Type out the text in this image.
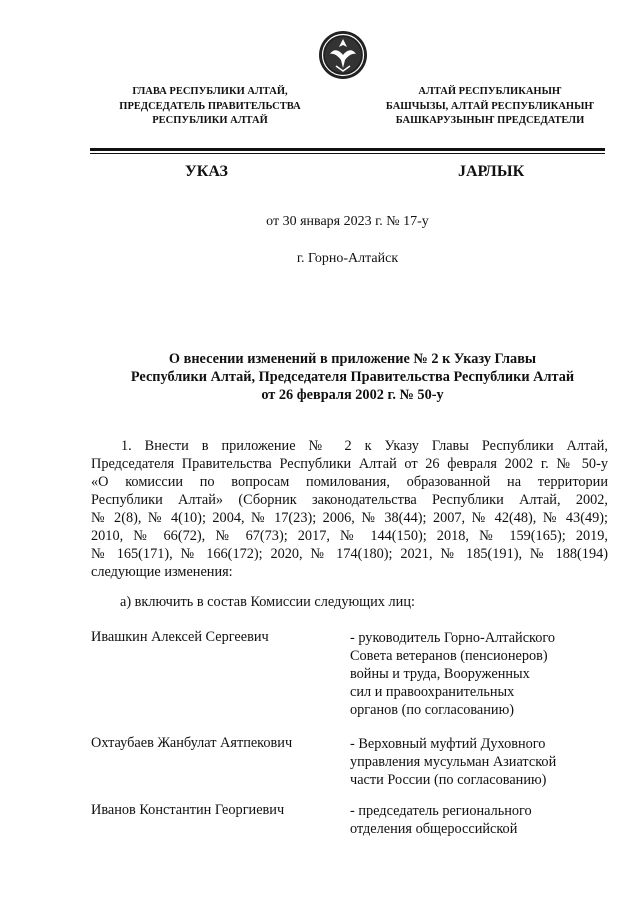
ГЛАВА РЕСПУБЛИКИ АЛТАЙ,
ПРЕДСЕДАТЕЛЬ ПРАВИТЕЛЬСТВА
РЕСПУБЛИКИ АЛТАЙ
АЛТАЙ РЕСПУБЛИКАНЫҤ
БАШЧЫЗЫ, АЛТАЙ РЕСПУБЛИКАНЫҤ
БАШКАРУЗЫНЫҤ ПРЕДСЕДАТЕЛИ
УКАЗ	JАРЛЫК
от 30 января 2023 г. № 17-у
г. Горно-Алтайск
О внесении изменений в приложение № 2 к Указу Главы
Республики Алтай, Председателя Правительства Республики Алтай
от 26 февраля 2002 г. № 50-у
1. Внести в приложение № 2 к Указу Главы Республики Алтай,
Председателя Правительства Республики Алтай от 26 февраля 2002 г. № 50-у
«О комиссии по вопросам помилования, образованной на территории
Республики Алтай» (Сборник законодательства Республики Алтай, 2002,
№ 2(8), № 4(10); 2004, № 17(23); 2006, № 38(44); 2007, № 42(48), № 43(49);
2010, № 66(72), № 67(73); 2017, № 144(150); 2018, № 159(165); 2019,
№ 165(171), № 166(172); 2020, № 174(180); 2021, № 185(191), № 188(194)
следующие изменения:
а) включить в состав Комиссии следующих лиц:
Ивашкин Алексей Сергеевич	- руководитель Горно-Алтайского
Совета ветеранов (пенсионеров)
войны и труда, Вооруженных
сил и правоохранительных
органов (по согласованию)
Охтаубаев Жанбулат Аятпекович	- Верховный муфтий Духовного
управления мусульман Азиатской
части России (по согласованию)
Иванов Константин Георгиевич	- председатель регионального
отделения общероссийской
